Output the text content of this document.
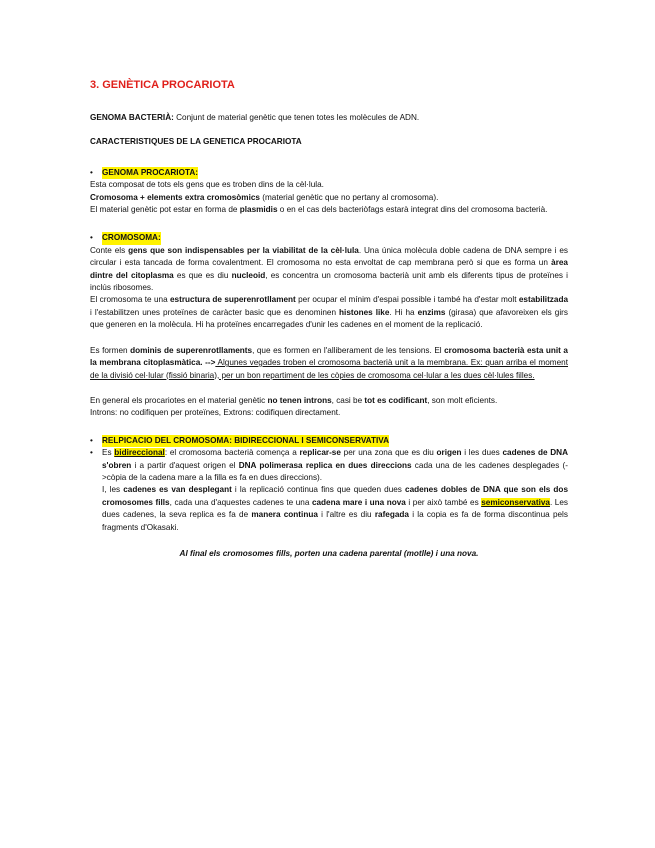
3. GENÈTICA PROCARIOTA

GENOMA BACTERIÀ: Conjunt de material genètic que tenen totes les molècules de ADN.

CARACTERISTIQUES DE LA GENETICA PROCARIOTA

•	GENOMA PROCARIOTA:

Esta composat de tots els gens que es troben dins de la cèl·lula.

Cromosoma + elements extra cromosòmics (material genètic que no pertany al cromosoma).

El material genètic pot estar en forma de plasmidis o en el cas dels bacteriòfags estarà integrat dins del cromosoma bacterià.

•	CROMOSOMA:

Conte els gens que son indispensables per la viabilitat de la cèl·lula. Una única molècula doble cadena de DNA sempre i es circular i esta tancada de forma covalentment. El cromosoma no esta envoltat de cap membrana però si que es forma un àrea dintre del citoplasma es que es diu nucleoid, es concentra un cromosoma bacterià unit amb els diferents tipus de proteïnes i inclús ribosomes.

El cromosoma te una estructura de superenrotllament per ocupar el mínim d'espai possible i també ha d'estar molt estabilitzada i l'estabilitzen unes proteïnes de caràcter basic que es denominen histones like. Hi ha enzims (girasa) que afavoreixen els girs que generen en la molècula. Hi ha proteïnes encarregades d'unir les cadenes en el moment de la replicació.

Es formen dominis de superenrotllaments, que es formen en l'alliberament de les tensions. El cromosoma bacterià esta unit a la membrana citoplasmàtica. --> Algunes vegades troben el cromosoma bacterià unit a la membrana. Ex: quan arriba el moment de la divisió cel·lular (fissió binaria), per un bon repartiment de les còpies de cromosoma cel·lular a les dues cèl·lules filles.

En general els procariotes en el material genètic no tenen introns, casi be tot es codificant, son molt eficients.

Introns: no codifiquen per proteïnes, Extrons: codifiquen directament.

•	RELPICACIO DEL CROMOSOMA: BIDIRECCIONAL I SEMICONSERVATIVA

•	Es bidireccional: el cromosoma bacterià comença a replicar-se per una zona que es diu origen i les dues cadenes de DNA s'obren i a partir d'aquest origen el DNA polimerasa replica en dues direccions cada una de les cadenes desplegades (->còpia de la cadena mare a la filla es fa en dues direccions).

I, les cadenes es van desplegant i la replicació continua fins que queden dues cadenes dobles de DNA que son els dos cromosomes fills, cada una d'aquestes cadenes te una cadena mare i una nova i per això també es semiconservativa. Les dues cadenes, la seva replica es fa de manera continua i l'altre es diu rafegada i la copia es fa de forma discontinua pels fragments d'Okasaki.

Al final els cromosomes fills, porten una cadena parental (motlle) i una nova.
